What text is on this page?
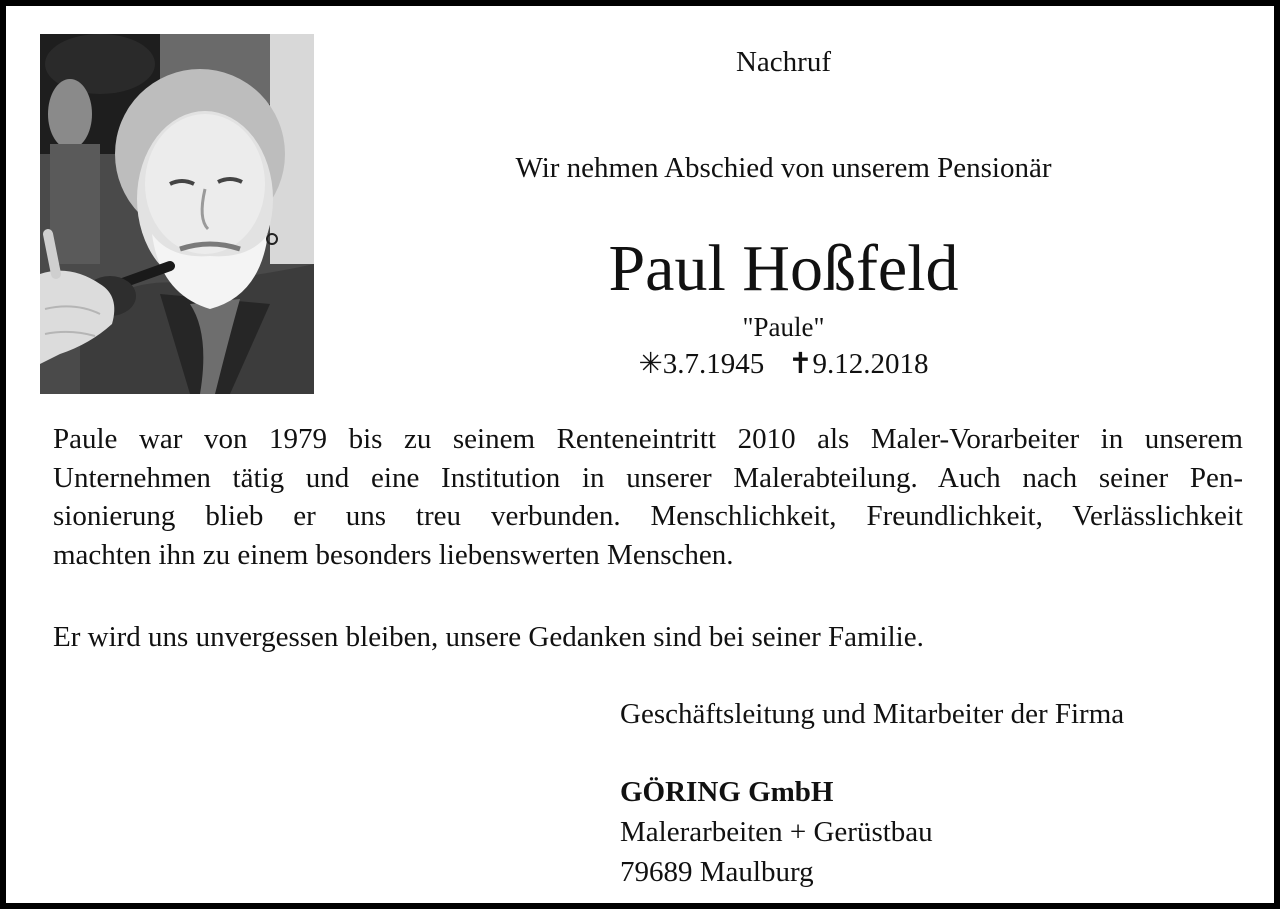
Nachruf
Wir nehmen Abschied von unserem Pensionär
Paul Hoßfeld
"Paule"
✳3.7.1945 ✝9.12.2018
Paule war von 1979 bis zu seinem Renteneintritt 2010 als Maler-Vorarbeiter in unserem
Unternehmen tätig und eine Institution in unserer Malerabteilung. Auch nach seiner Pen-
sionierung blieb er uns treu verbunden. Menschlichkeit, Freundlichkeit, Verlässlichkeit
machten ihn zu einem besonders liebenswerten Menschen.
Er wird uns unvergessen bleiben, unsere Gedanken sind bei seiner Familie.
Geschäftsleitung und Mitarbeiter der Firma
GÖRING GmbH
Malerarbeiten + Gerüstbau
79689 Maulburg
